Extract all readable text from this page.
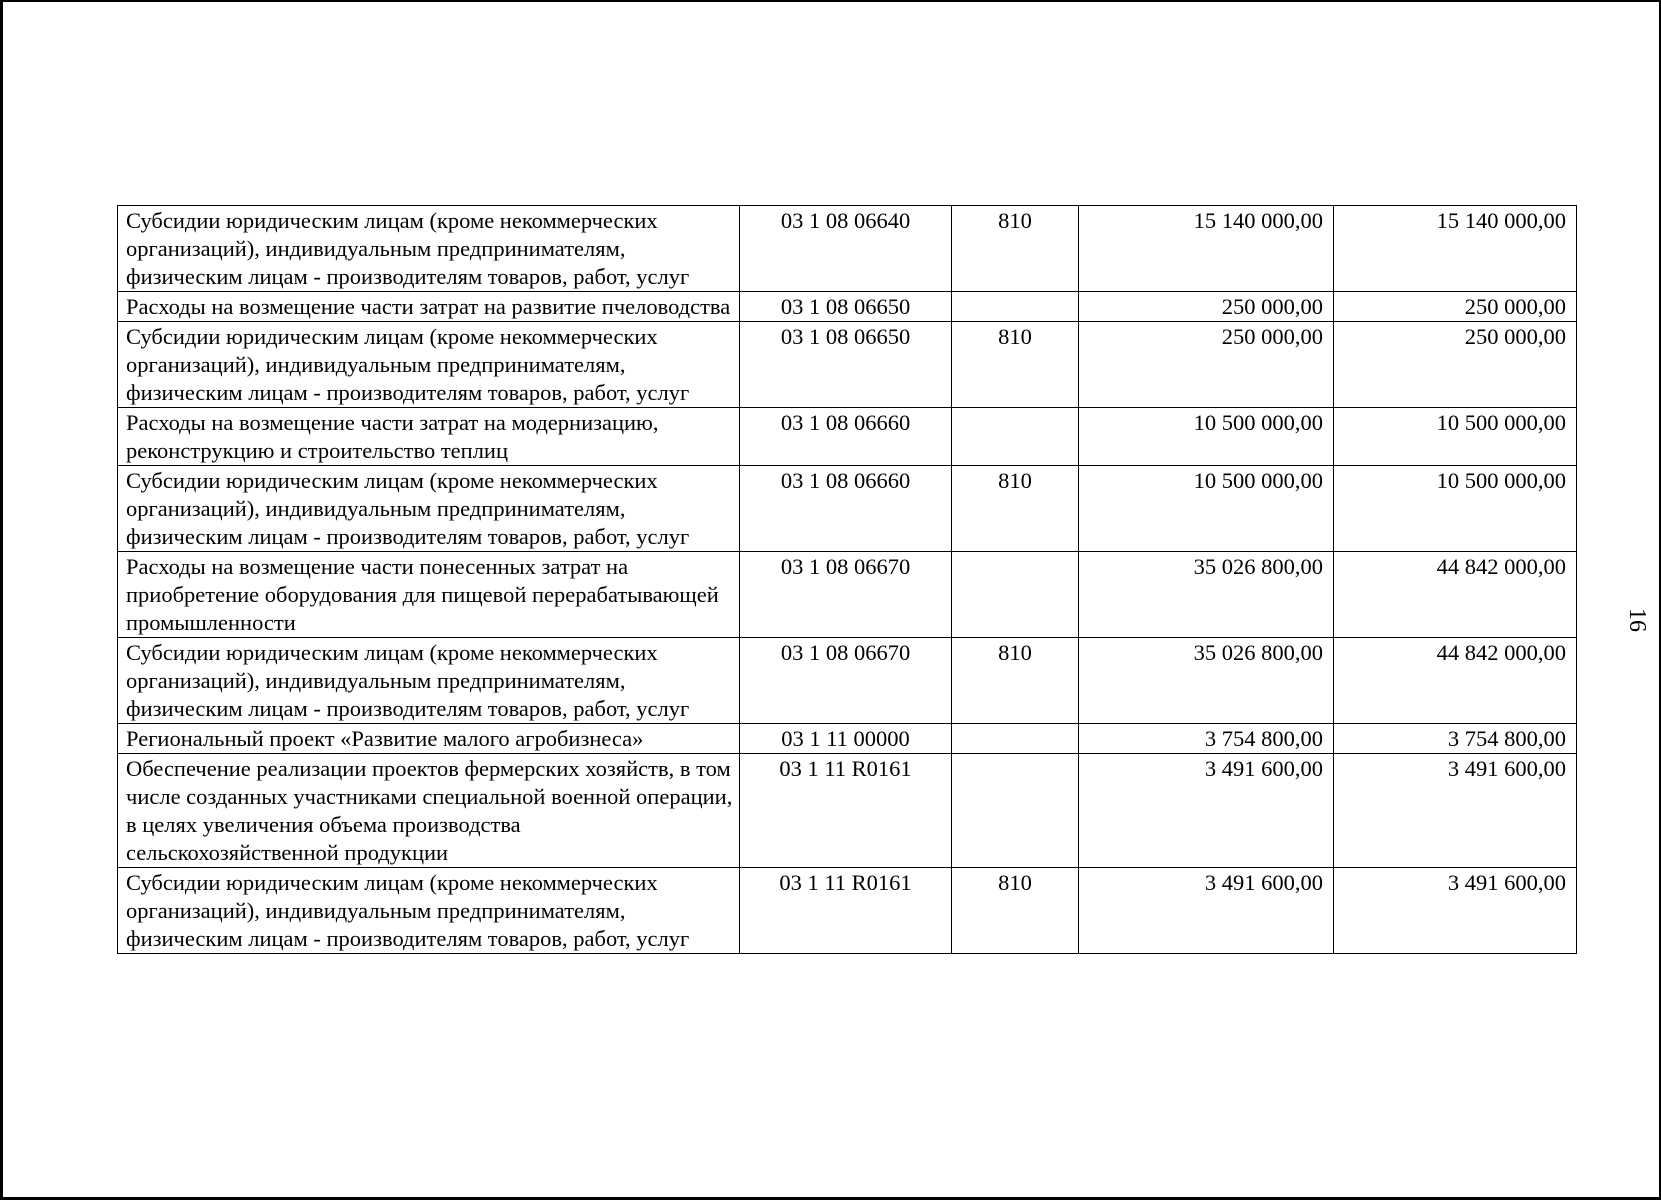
Субсидии юридическим лицам (кроме некоммерческих организаций), индивидуальным предпринимателям, физическим лицам - производителям товаров, работ, услуг	03 1 08 06640	810	15 140 000,00	15 140 000,00
Расходы на возмещение части затрат на развитие пчеловодства	03 1 08 06650		250 000,00	250 000,00
Субсидии юридическим лицам (кроме некоммерческих организаций), индивидуальным предпринимателям, физическим лицам - производителям товаров, работ, услуг	03 1 08 06650	810	250 000,00	250 000,00
Расходы на возмещение части затрат на модернизацию, реконструкцию и строительство теплиц	03 1 08 06660		10 500 000,00	10 500 000,00
Субсидии юридическим лицам (кроме некоммерческих организаций), индивидуальным предпринимателям, физическим лицам - производителям товаров, работ, услуг	03 1 08 06660	810	10 500 000,00	10 500 000,00
Расходы на возмещение части понесенных затрат на приобретение оборудования для пищевой перерабатывающей промышленности	03 1 08 06670		35 026 800,00	44 842 000,00
Субсидии юридическим лицам (кроме некоммерческих организаций), индивидуальным предпринимателям, физическим лицам - производителям товаров, работ, услуг	03 1 08 06670	810	35 026 800,00	44 842 000,00
Региональный проект «Развитие малого агробизнеса»	03 1 11 00000		3 754 800,00	3 754 800,00
Обеспечение реализации проектов фермерских хозяйств, в том числе созданных участниками специальной военной операции, в целях увеличения объема производства сельскохозяйственной продукции	03 1 11 R0161		3 491 600,00	3 491 600,00
Субсидии юридическим лицам (кроме некоммерческих организаций), индивидуальным предпринимателям, физическим лицам - производителям товаров, работ, услуг	03 1 11 R0161	810	3 491 600,00	3 491 600,00
16
